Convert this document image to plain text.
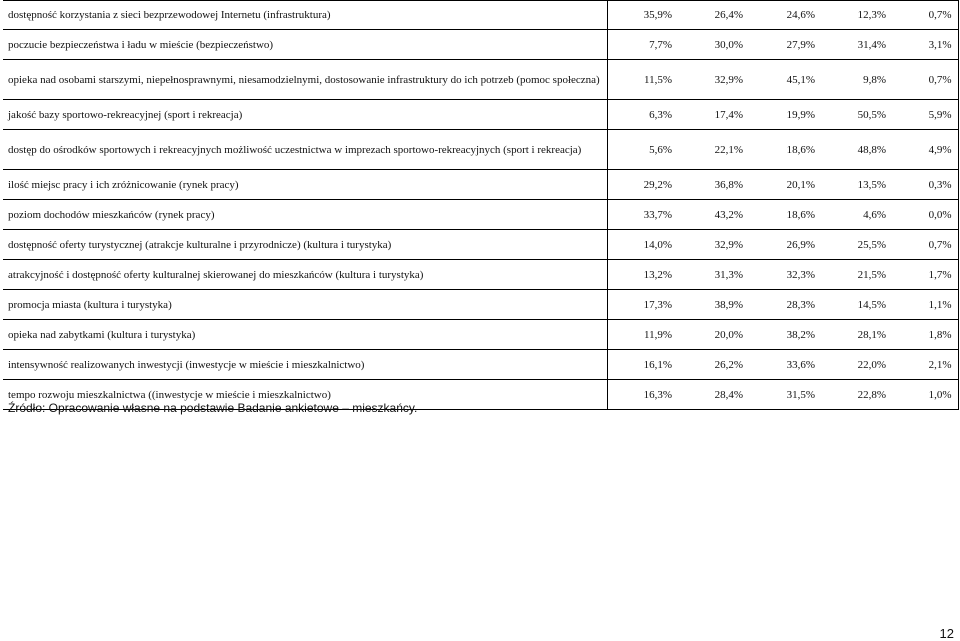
dostępność korzystania z sieci bezprzewodowej Internetu (infrastruktura)	35,9%	26,4%	24,6%	12,3%	0,7%
poczucie bezpieczeństwa i ładu w mieście (bezpieczeństwo)	7,7%	30,0%	27,9%	31,4%	3,1%
opieka nad osobami starszymi, niepełnosprawnymi, niesamodzielnymi, dostosowanie infrastruktury do ich potrzeb (pomoc społeczna)	11,5%	32,9%	45,1%	9,8%	0,7%
jakość bazy sportowo-rekreacyjnej (sport i rekreacja)	6,3%	17,4%	19,9%	50,5%	5,9%
dostęp do ośrodków sportowych i rekreacyjnych możliwość uczestnictwa w imprezach sportowo-rekreacyjnych (sport i rekreacja)	5,6%	22,1%	18,6%	48,8%	4,9%
ilość miejsc pracy i ich zróżnicowanie (rynek pracy)	29,2%	36,8%	20,1%	13,5%	0,3%
poziom dochodów mieszkańców (rynek pracy)	33,7%	43,2%	18,6%	4,6%	0,0%
dostępność oferty turystycznej (atrakcje kulturalne i przyrodnicze) (kultura i turystyka)	14,0%	32,9%	26,9%	25,5%	0,7%
atrakcyjność i dostępność oferty kulturalnej skierowanej do mieszkańców (kultura i turystyka)	13,2%	31,3%	32,3%	21,5%	1,7%
promocja miasta (kultura i turystyka)	17,3%	38,9%	28,3%	14,5%	1,1%
opieka nad zabytkami (kultura i turystyka)	11,9%	20,0%	38,2%	28,1%	1,8%
intensywność realizowanych inwestycji (inwestycje w mieście i mieszkalnictwo)	16,1%	26,2%	33,6%	22,0%	2,1%
tempo rozwoju mieszkalnictwa ((inwestycje w mieście i mieszkalnictwo)	16,3%	28,4%	31,5%	22,8%	1,0%
Źródło: Opracowanie własne na podstawie Badanie ankietowe – mieszkańcy.
12
